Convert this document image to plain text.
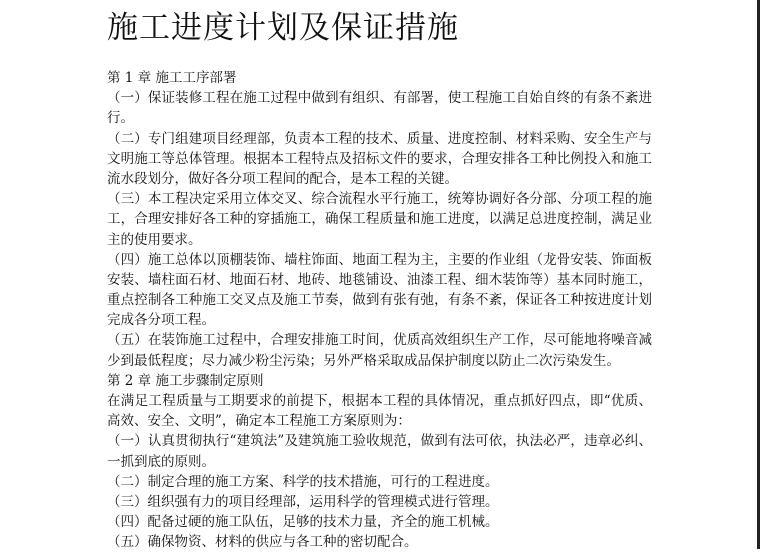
施工进度计划及保证措施
第 1 章 施工工序部署
（一）保证装修工程在施工过程中做到有组织、有部署，使工程施工自始自终的有条不紊进
行。
（二）专门组建项目经理部，负责本工程的技术、质量、进度控制、材料采购、安全生产与
文明施工等总体管理。根据本工程特点及招标文件的要求，合理安排各工种比例投入和施工
流水段划分，做好各分项工程间的配合，是本工程的关键。
（三）本工程决定采用立体交叉、综合流程水平行施工，统筹协调好各分部、分项工程的施
工，合理安排好各工种的穿插施工，确保工程质量和施工进度，以满足总进度控制，满足业
主的使用要求。
（四）施工总体以顶棚装饰、墙柱饰面、地面工程为主，主要的作业组（龙骨安装、饰面板
安装、墙柱面石材、地面石材、地砖、地毯铺设、油漆工程、细木装饰等）基本同时施工，
重点控制各工种施工交叉点及施工节奏，做到有张有弛，有条不紊，保证各工种按进度计划
完成各分项工程。
（五）在装饰施工过程中，合理安排施工时间，优质高效组织生产工作，尽可能地将噪音减
少到最低程度；尽力减少粉尘污染；另外严格采取成品保护制度以防止二次污染发生。
第 2 章 施工步骤制定原则
在满足工程质量与工期要求的前提下，根据本工程的具体情况，重点抓好四点，即“优质、
高效、安全、文明”，确定本工程施工方案原则为：
（一）认真贯彻执行“建筑法”及建筑施工验收规范，做到有法可依，执法必严，违章必纠、
一抓到底的原则。
（二）制定合理的施工方案、科学的技术措施，可行的工程进度。
（三）组织强有力的项目经理部，运用科学的管理模式进行管理。
（四）配备过硬的施工队伍，足够的技术力量，齐全的施工机械。
（五）确保物资、材料的供应与各工种的密切配合。
